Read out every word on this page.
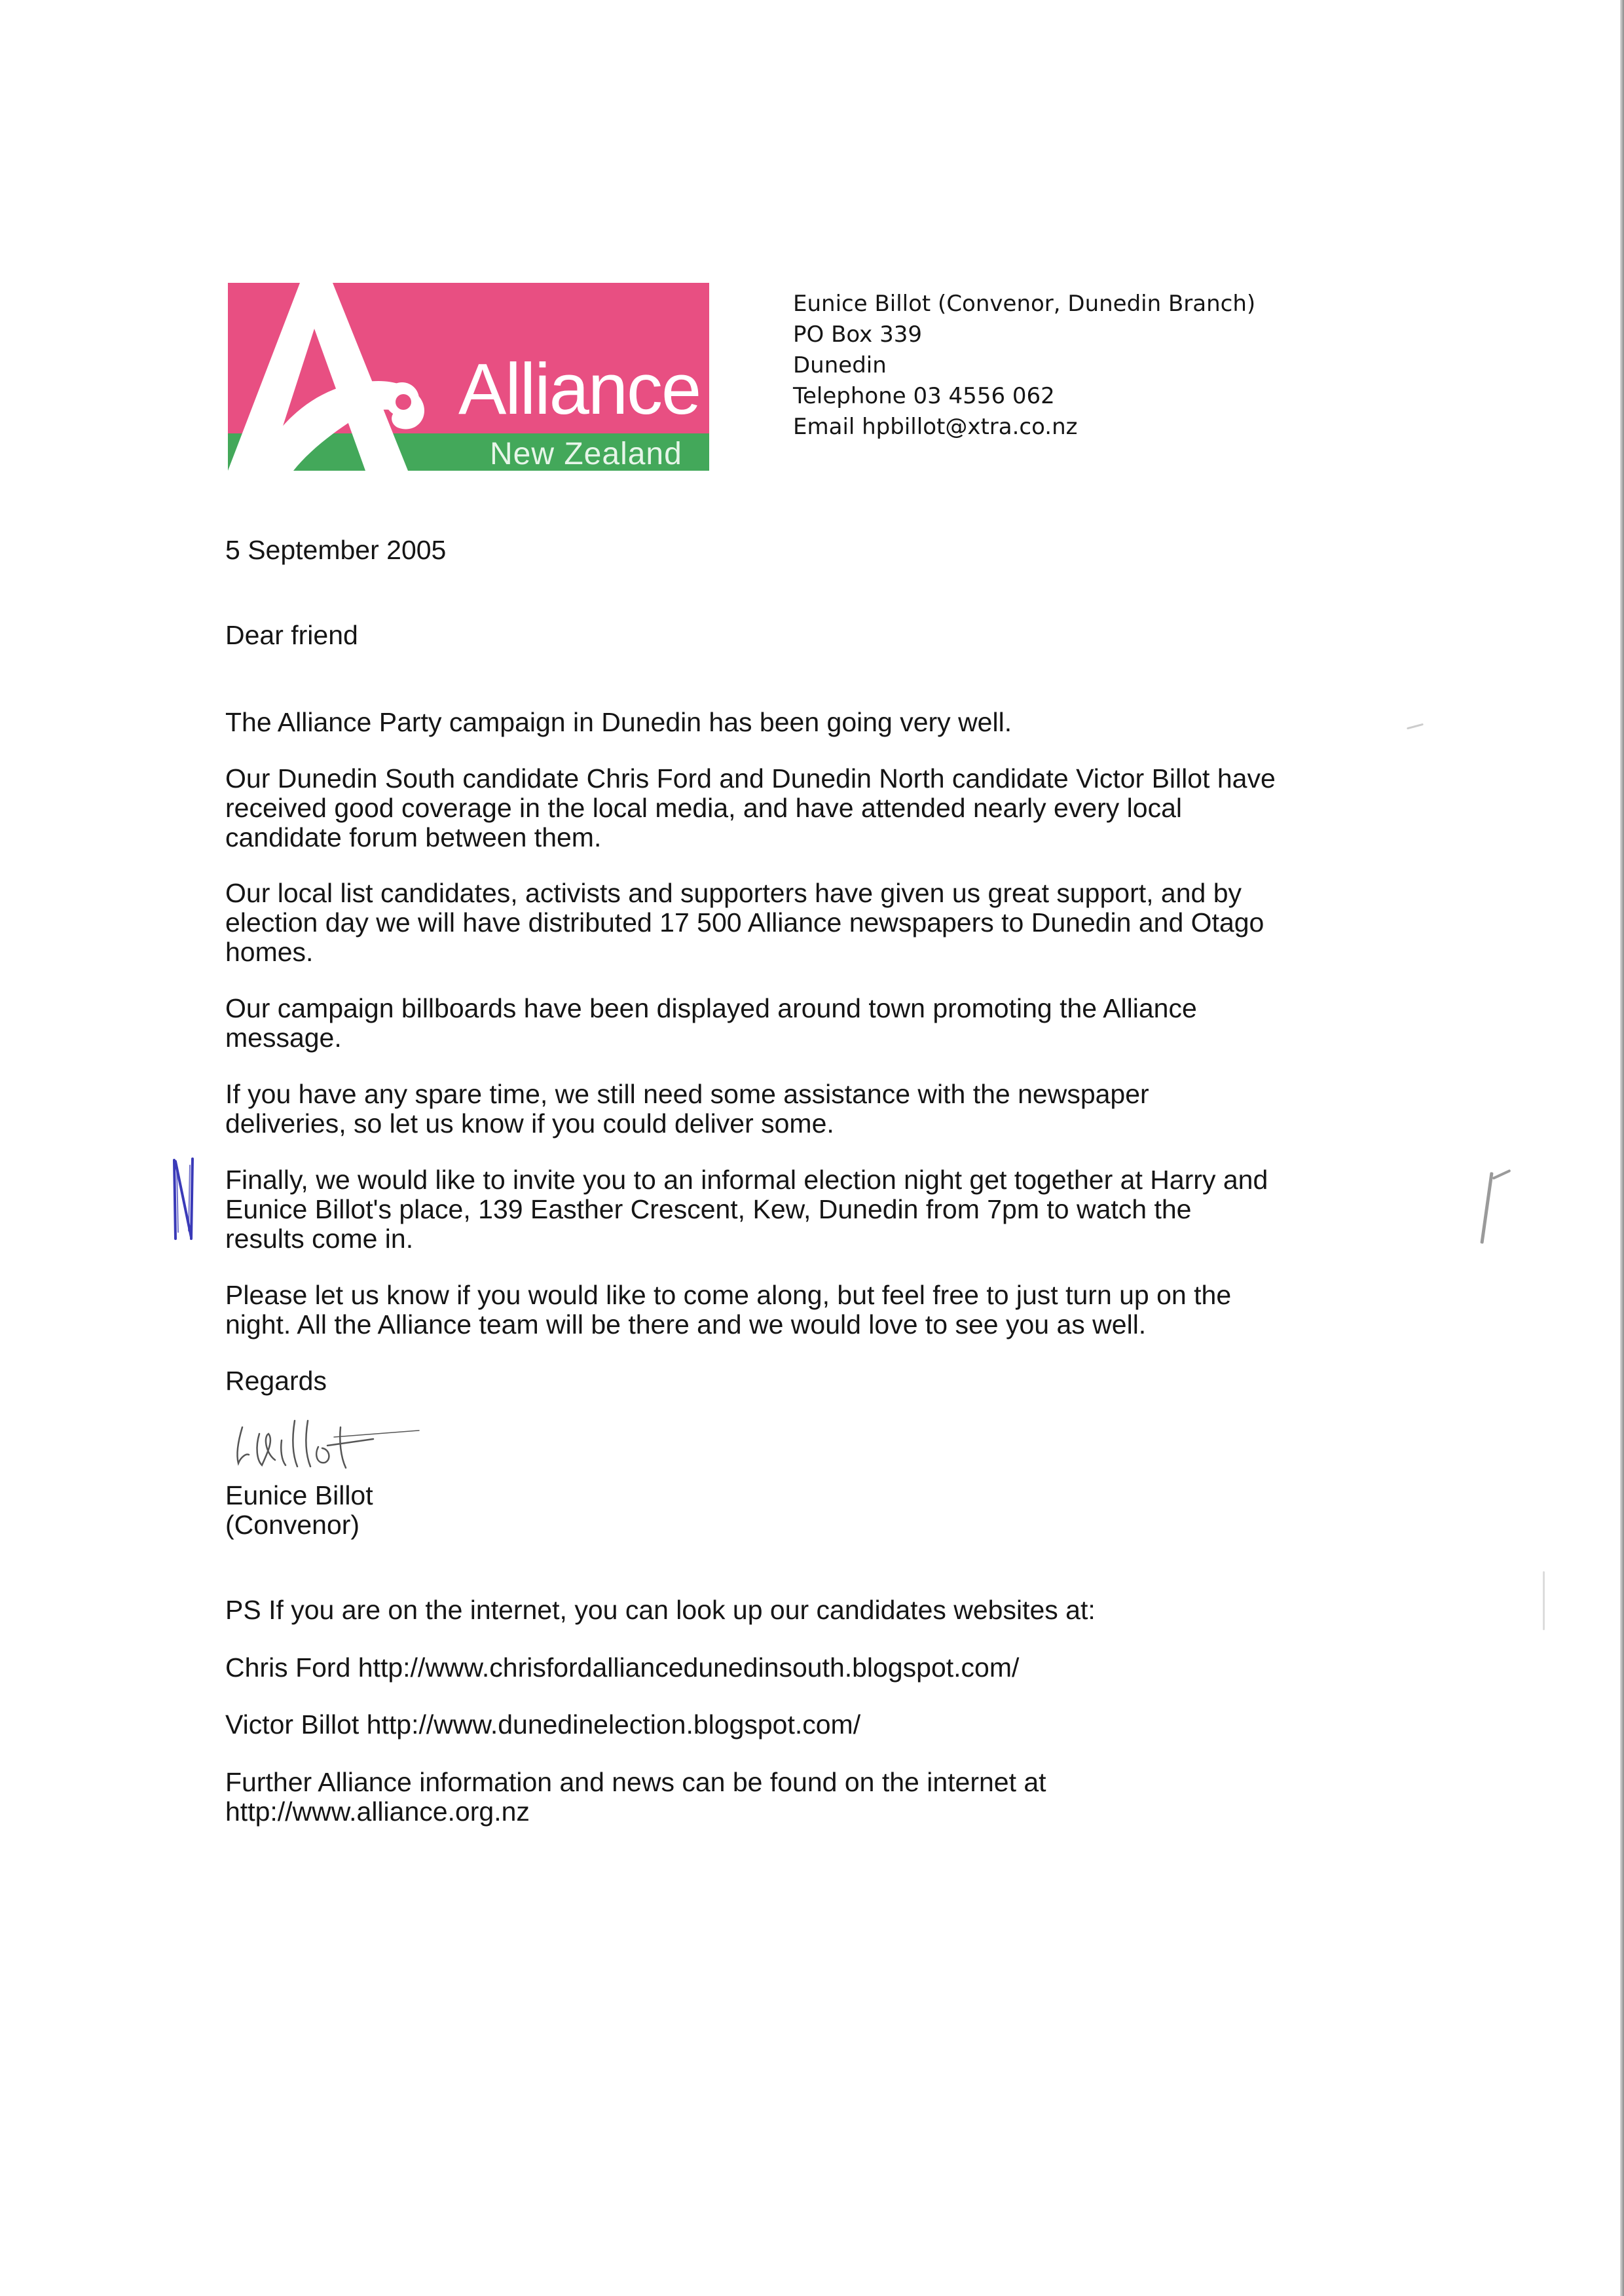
Alliance
New Zealand
Eunice Billot (Convenor, Dunedin Branch)
PO Box 339
Dunedin
Telephone 03 4556 062
Email hpbillot@xtra.co.nz
5 September 2005
Dear friend
The Alliance Party campaign in Dunedin has been going very well.
Our Dunedin South candidate Chris Ford and Dunedin North candidate Victor Billot have
received good coverage in the local media, and have attended nearly every local
candidate forum between them.
Our local list candidates, activists and supporters have given us great support, and by
election day we will have distributed 17 500 Alliance newspapers to Dunedin and Otago
homes.
Our campaign billboards have been displayed around town promoting the Alliance
message.
If you have any spare time, we still need some assistance with the newspaper
deliveries, so let us know if you could deliver some.
Finally, we would like to invite you to an informal election night get together at Harry and
Eunice Billot's place, 139 Easther Crescent, Kew, Dunedin from 7pm to watch the
results come in.
Please let us know if you would like to come along, but feel free to just turn up on the
night. All the Alliance team will be there and we would love to see you as well.
Regards
Eunice Billot
(Convenor)
PS If you are on the internet, you can look up our candidates websites at:
Chris Ford http://www.chrisfordalliancedunedinsouth.blogspot.com/
Victor Billot http://www.dunedinelection.blogspot.com/
Further Alliance information and news can be found on the internet at
http://www.alliance.org.nz
